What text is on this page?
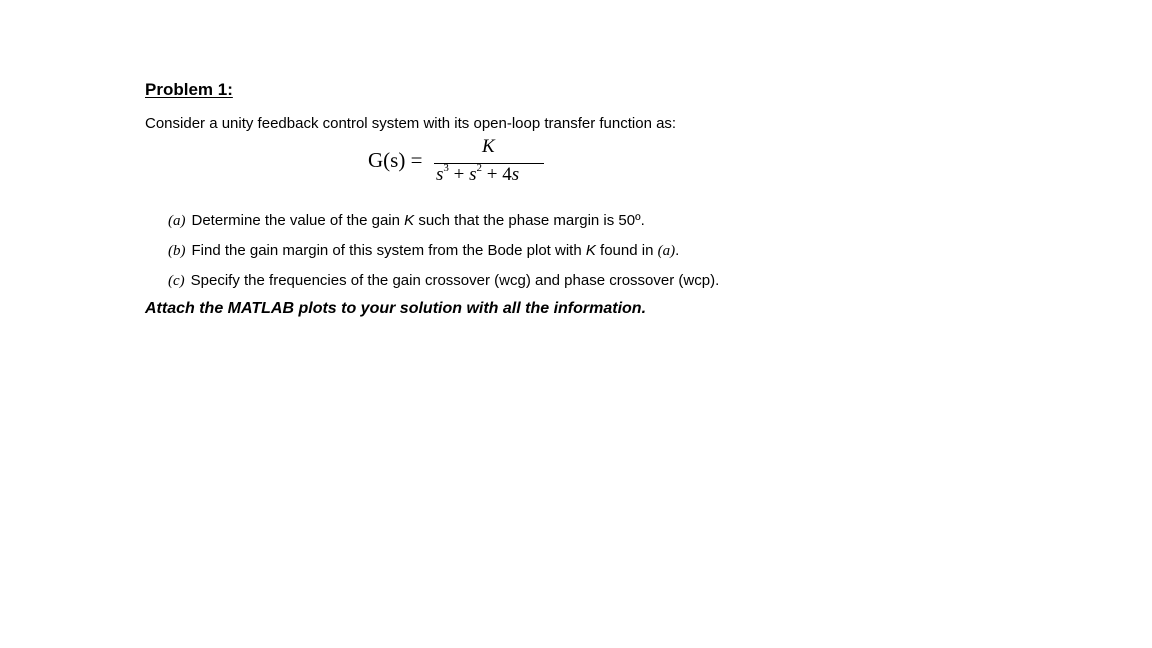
Problem 1:
Consider a unity feedback control system with its open-loop transfer function as:
G(s) =
K
$s^3 + s^2 + 4s$
(a) Determine the value of the gain K such that the phase margin is 50º.
(b) Find the gain margin of this system from the Bode plot with K found in (a).
(c) Specify the frequencies of the gain crossover (wcg) and phase crossover (wcp).
Attach the MATLAB plots to your solution with all the information.
